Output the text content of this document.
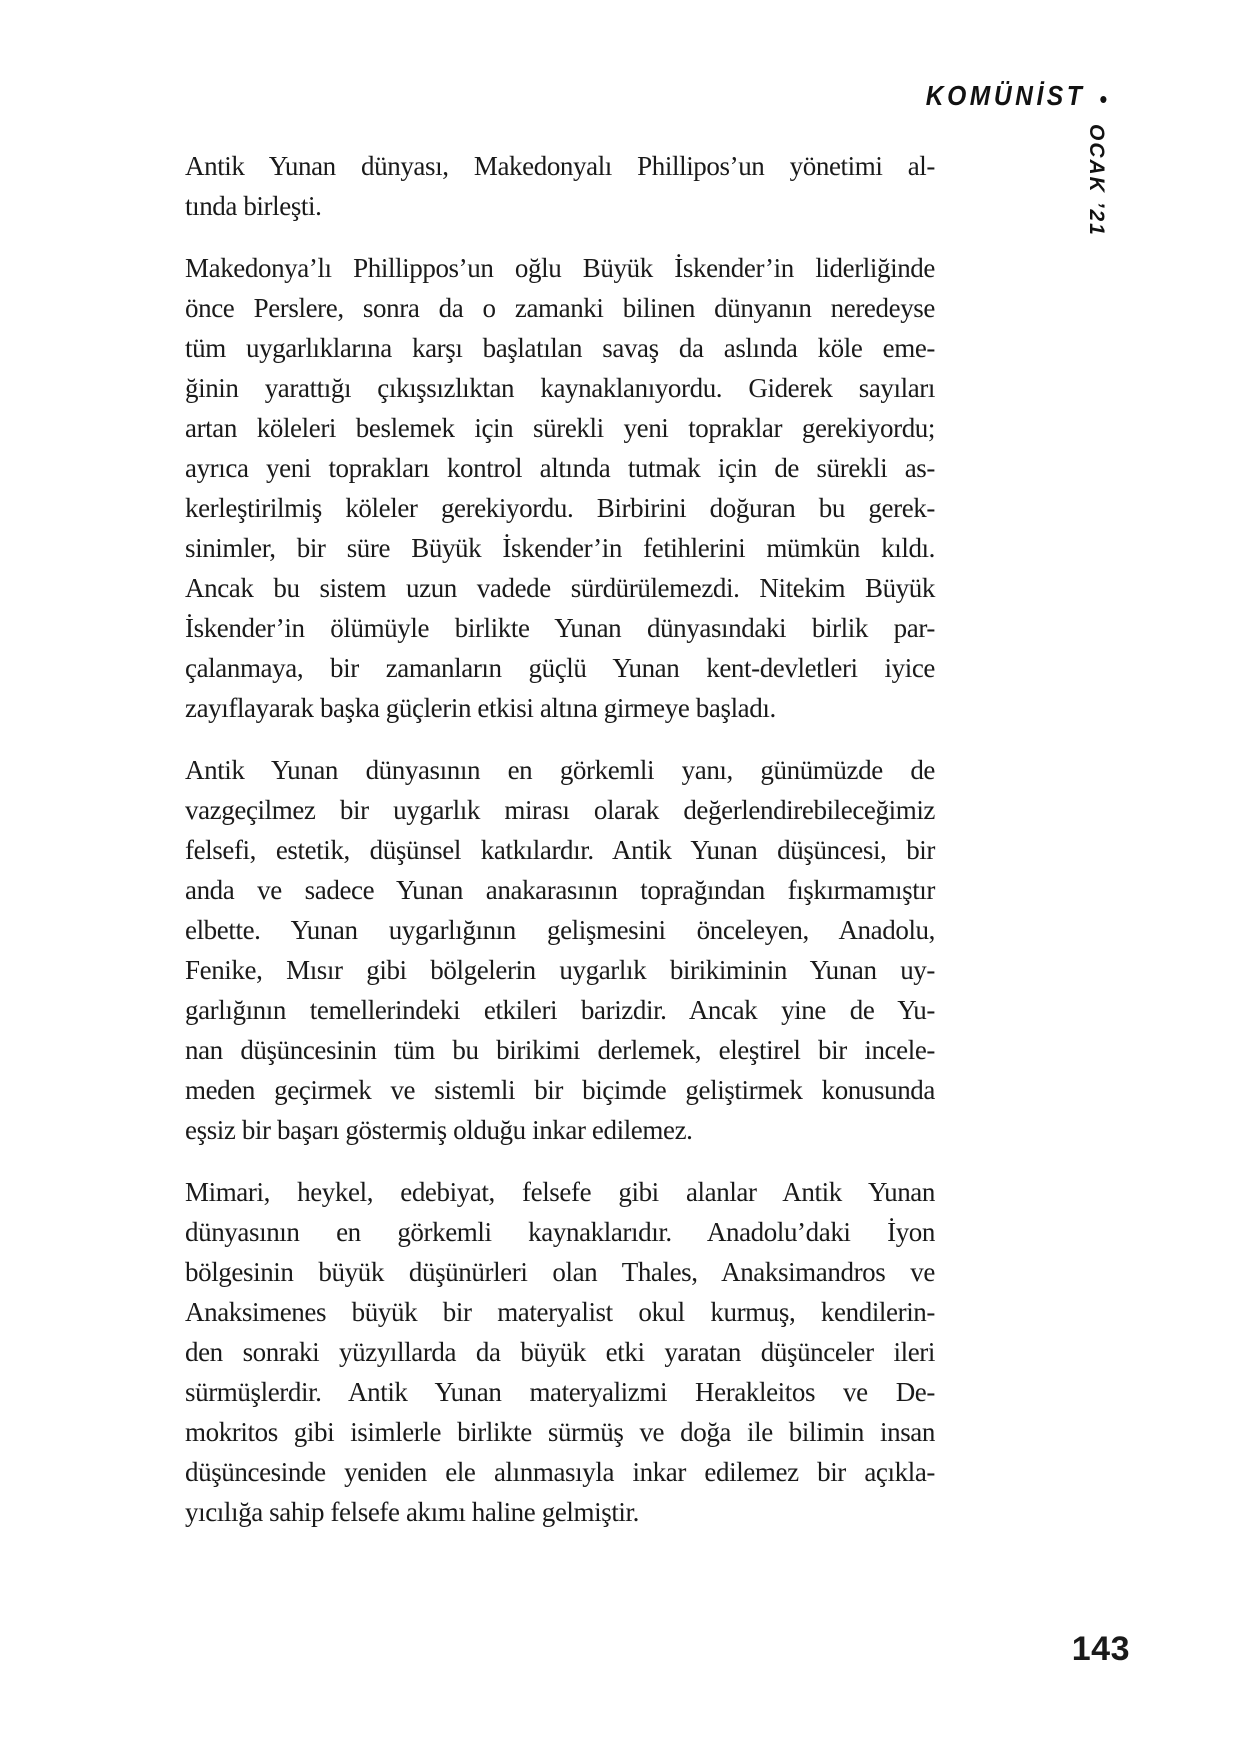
KOMÜNİST •
OCAK ’21
Antik Yunan dünyası, Makedonyalı Phillipos’un yönetimi al-
tında birleşti.
Makedonya’lı Phillippos’un oğlu Büyük İskender’in liderliğinde
önce Perslere, sonra da o zamanki bilinen dünyanın neredeyse
tüm uygarlıklarına karşı başlatılan savaş da aslında köle eme-
ğinin yarattığı çıkışsızlıktan kaynaklanıyordu. Giderek sayıları
artan köleleri beslemek için sürekli yeni topraklar gerekiyordu;
ayrıca yeni toprakları kontrol altında tutmak için de sürekli as-
kerleştirilmiş köleler gerekiyordu. Birbirini doğuran bu gerek-
sinimler, bir süre Büyük İskender’in fetihlerini mümkün kıldı.
Ancak bu sistem uzun vadede sürdürülemezdi. Nitekim Büyük
İskender’in ölümüyle birlikte Yunan dünyasındaki birlik par-
çalanmaya, bir zamanların güçlü Yunan kent-devletleri iyice
zayıflayarak başka güçlerin etkisi altına girmeye başladı.
Antik Yunan dünyasının en görkemli yanı, günümüzde de
vazgeçilmez bir uygarlık mirası olarak değerlendirebileceğimiz
felsefi, estetik, düşünsel katkılardır. Antik Yunan düşüncesi, bir
anda ve sadece Yunan anakarasının toprağından fışkırmamıştır
elbette. Yunan uygarlığının gelişmesini önceleyen, Anadolu,
Fenike, Mısır gibi bölgelerin uygarlık birikiminin Yunan uy-
garlığının temellerindeki etkileri barizdir. Ancak yine de Yu-
nan düşüncesinin tüm bu birikimi derlemek, eleştirel bir incele-
meden geçirmek ve sistemli bir biçimde geliştirmek konusunda
eşsiz bir başarı göstermiş olduğu inkar edilemez.
Mimari, heykel, edebiyat, felsefe gibi alanlar Antik Yunan
dünyasının en görkemli kaynaklarıdır. Anadolu’daki İyon
bölgesinin büyük düşünürleri olan Thales, Anaksimandros ve
Anaksimenes büyük bir materyalist okul kurmuş, kendilerin-
den sonraki yüzyıllarda da büyük etki yaratan düşünceler ileri
sürmüşlerdir. Antik Yunan materyalizmi Herakleitos ve De-
mokritos gibi isimlerle birlikte sürmüş ve doğa ile bilimin insan
düşüncesinde yeniden ele alınmasıyla inkar edilemez bir açıkla-
yıcılığa sahip felsefe akımı haline gelmiştir.
143
